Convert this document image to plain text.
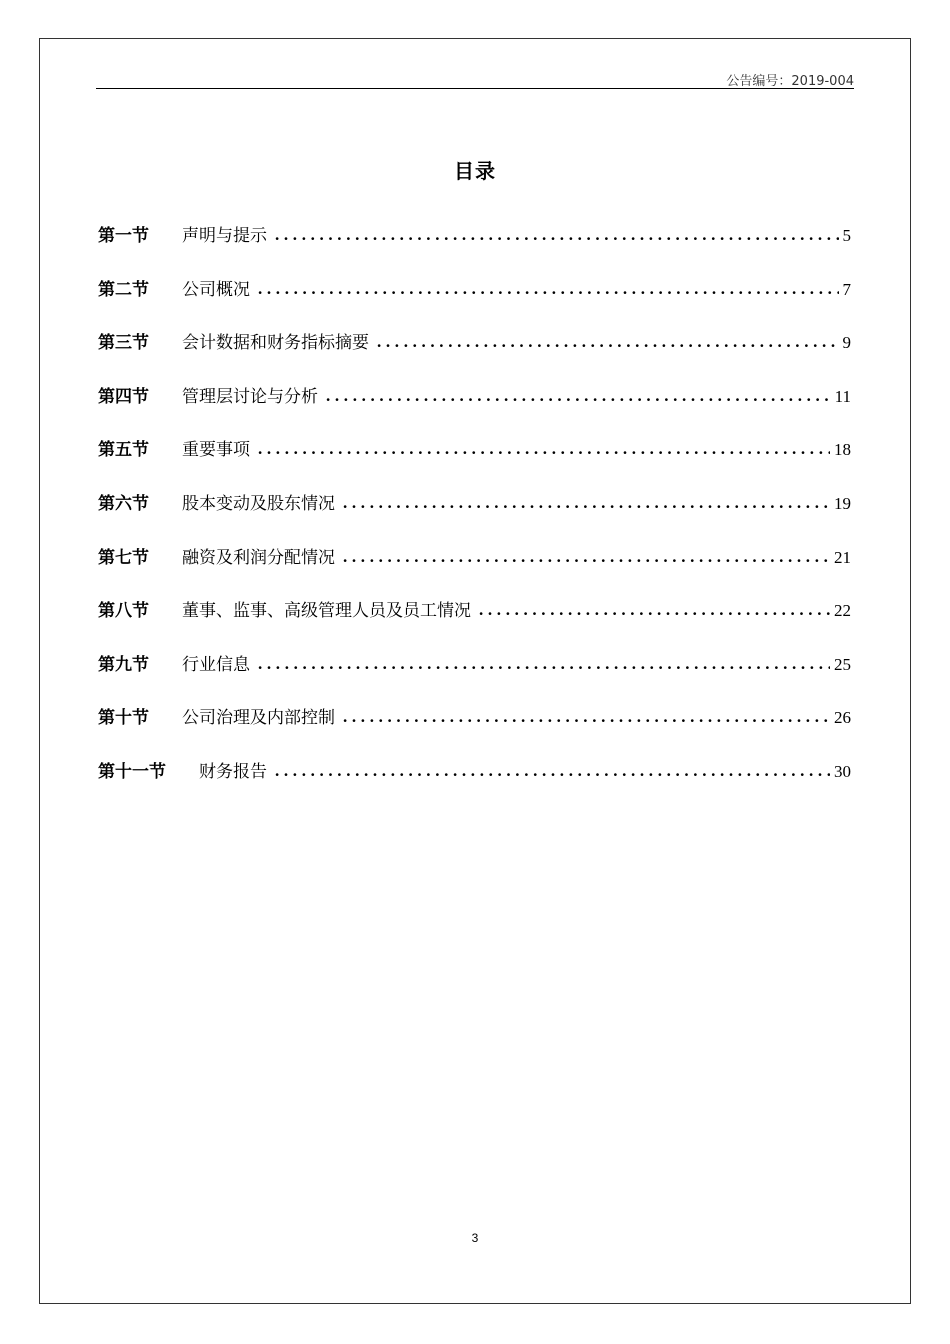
公告编号：2019-004
目录
第一节	声明与提示 . . .	5
第二节	公司概况 . . .	7
第三节	会计数据和财务指标摘要 . . .	9
第四节	管理层讨论与分析 . . .	11
第五节	重要事项 . . .	18
第六节	股本变动及股东情况 . . .	19
第七节	融资及利润分配情况 . . .	21
第八节	董事、监事、高级管理人员及员工情况 . . .	22
第九节	行业信息 . . .	25
第十节	公司治理及内部控制 . . .	26
第十一节	财务报告 . . .	30
3
